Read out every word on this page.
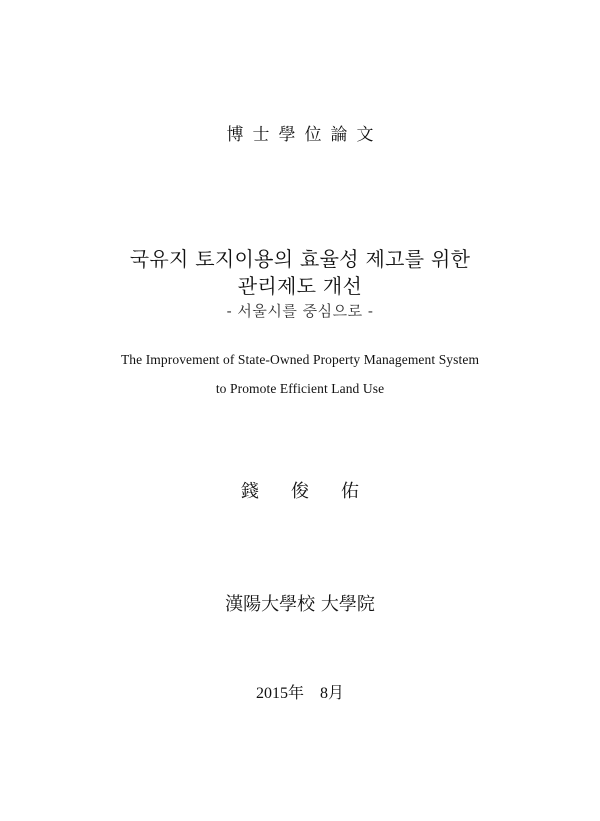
博士學位論文
국유지 토지이용의 효율성 제고를 위한
관리제도 개선
- 서울시를 중심으로 -
The Improvement of State-Owned Property Management System
to Promote Efficient Land Use
錢 俊 佑
漢陽大學校 大學院
2015年　8月
